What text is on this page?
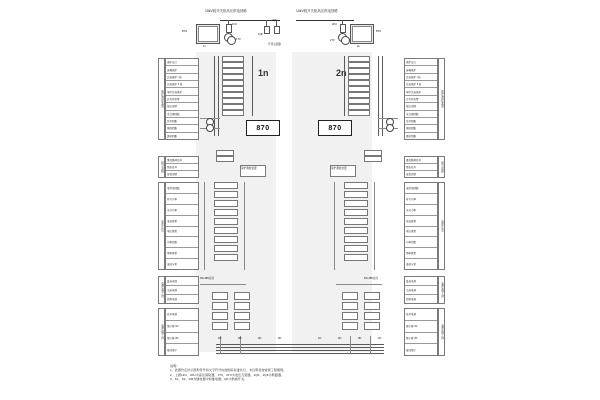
10kV段开关柜高压供电回路	10kV段开关柜高压供电回路
870
1n
870
2n
1FU
1TV
1QF
2QF
开环点回路
2FU
2TV
1n	2n
870	870
保护测控装置
保护出口
选掩保护
过流保护 I 段
过流保护 II 段
零序过流保护
过负荷告警
低压闭锁
重合闸回路
信号回路
测控回路
通讯回路
信号回路
事故跳闸信号
预告信号
装置闭锁
电能计量
电度表回路
有功功率
无功功率
电流测量
电压测量
功率因数
频率测量
谐波分析
电源/端子排
直流电源
交流电源
控制电源
电源/端子排
信号电源
端子排 1D
端子排 2D
接地端子
保护出口
选掩保护
过流保护 I 段
过流保护 II 段
零序过流保护
过负荷告警
低压闭锁
重合闸回路
信号回路
测控回路
通讯回路
保护测控装置
事故跳闸信号
预告信号
装置闭锁
信号回路
电度表回路
有功功率
无功功率
电流测量
电压测量
功率因数
频率测量
谐波分析
电能计量
直流电源
交流电源
控制电源
电源/端子排
信号电源
端子排 1D
端子排 2D
接地端子
电源/端子排
保护测控装置	保护测控装置
RS-485总线	RS-485总线
1D	2D	3D	4D	1D	2D	3D	4D
说明：
1、此图约定所示图形符号和文字符号均按国家标准执行，未注明者按常规工程惯例。
2、上图1FU、2FU为高压保险器，1TV、2TV为电压互感器，1QF、2QF为断路器。
3、K1、K2、KM为继电器中间继电器，QK为转换开关。
